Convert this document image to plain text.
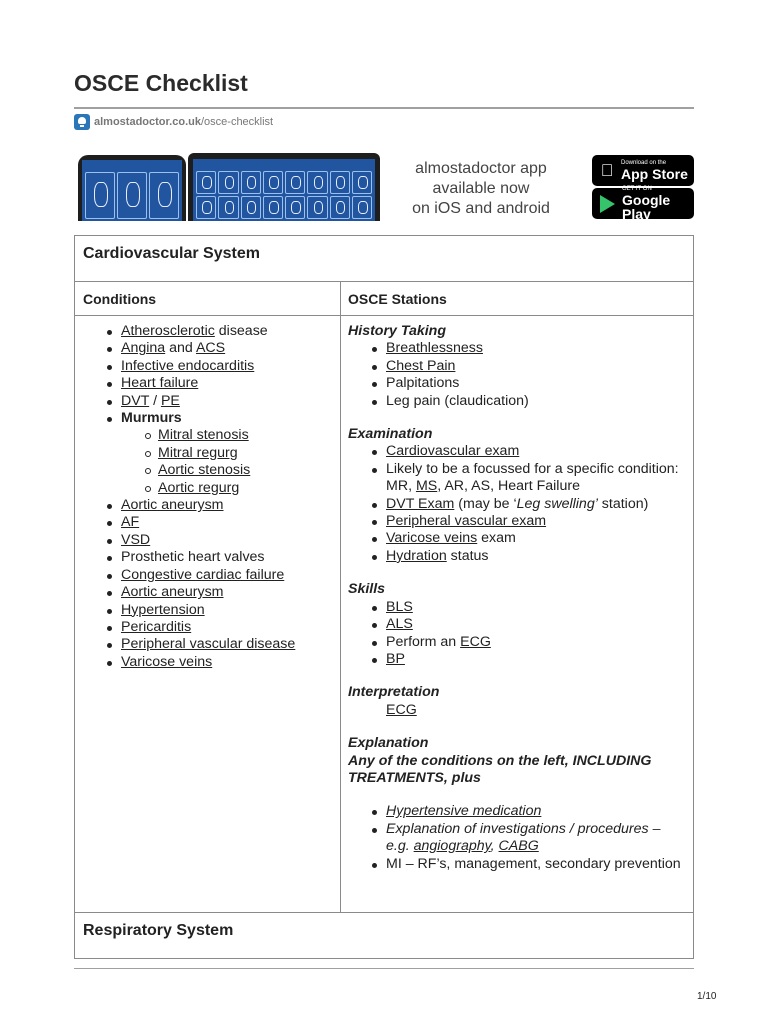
OSCE Checklist
almostadoctor.co.uk /osce-checklist
almostadoctor app
available now
on iOS and android
Download on the
App Store
GET IT ON
Google Play
Cardiovascular System
Conditions	OSCE Stations
Atherosclerotic disease
Angina and ACS
Infective endocarditis
Heart failure
DVT / PE
Murmurs
Mitral stenosis
Mitral regurg
Aortic stenosis
Aortic regurg
Aortic aneurysm
AF
VSD
Prosthetic heart valves
Congestive cardiac failure
Aortic aneurysm
Hypertension
Pericarditis
Peripheral vascular disease
Varicose veins
History Taking
Breathlessness
Chest Pain
Palpitations
Leg pain (claudication)
Examination
Cardiovascular exam
Likely to be a focussed for a specific condition: MR, MS, AR, AS, Heart Failure
DVT Exam (may be ‘Leg swelling’ station)
Peripheral vascular exam
Varicose veins exam
Hydration status
Skills
BLS
ALS
Perform an ECG
BP
Interpretation
ECG
Explanation
Any of the conditions on the left, INCLUDING TREATMENTS, plus
Hypertensive medication
Explanation of investigations / procedures – e.g. angiography, CABG
MI – RF’s, management, secondary prevention
Respiratory System
1/10
